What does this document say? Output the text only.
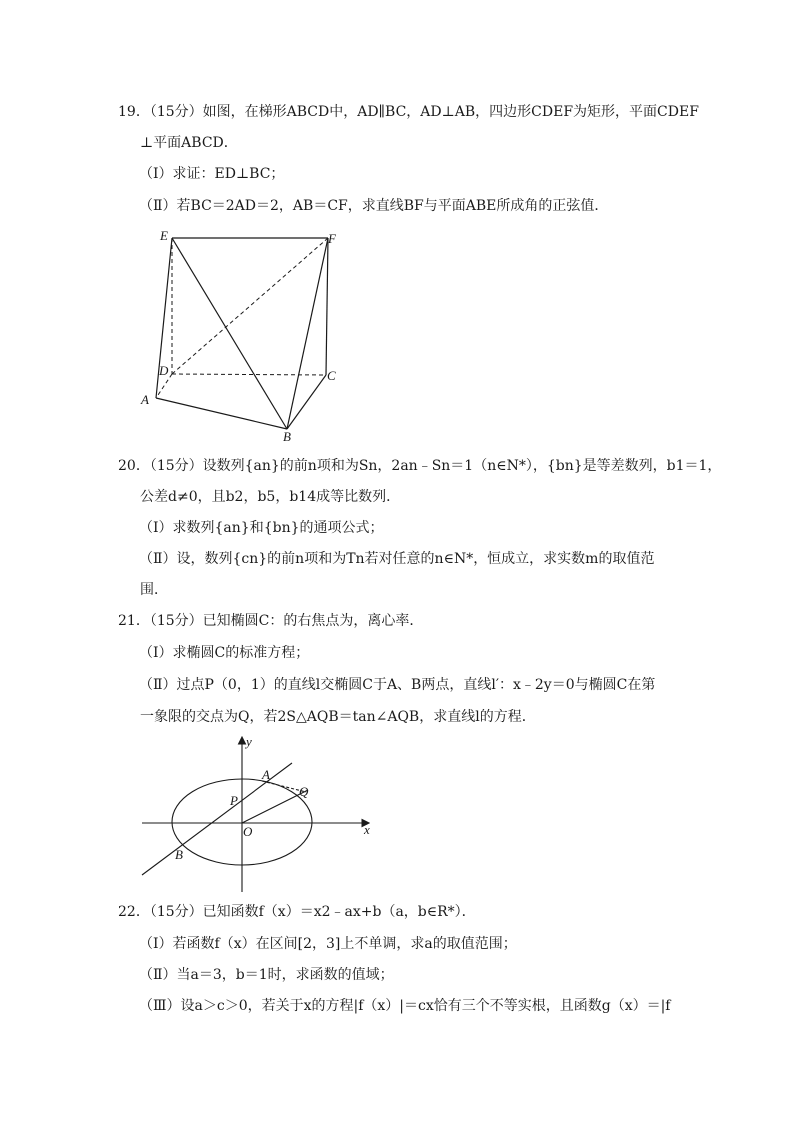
19．（15分）如图，在梯形ABCD中，AD∥BC，AD⊥AB，四边形CDEF为矩形，平面CDEF
⊥平面ABCD．
（Ⅰ）求证：ED⊥BC；
（Ⅱ）若BC＝2AD＝2，AB＝CF，求直线BF与平面ABE所成角的正弦值．
E	F
D	C
A
B
20．（15分）设数列{an}的前n项和为Sn，2an﹣Sn＝1（n∈N*），{bn}是等差数列，b1＝1，
公差d≠0，且b2，b5，b14成等比数列．
（Ⅰ）求数列{an}和{bn}的通项公式；
（Ⅱ）设，数列{cn}的前n项和为Tn若对任意的n∈N*，恒成立，求实数m的取值范
围．
21．（15分）已知椭圆C：的右焦点为，离心率．
（Ⅰ）求椭圆C的标准方程；
（Ⅱ）过点P（0，1）的直线l交椭圆C于A、B两点，直线l′：x﹣2y＝0与椭圆C在第
一象限的交点为Q，若2S△AQB＝tan∠AQB，求直线l的方程．
y
x
A
Q
P
O
B
22．（15分）已知函数f（x）＝x2﹣ax+b（a，b∈R*）．
（Ⅰ）若函数f（x）在区间[2，3]上不单调，求a的取值范围；
（Ⅱ）当a＝3，b＝1时，求函数的值域；
（Ⅲ）设a＞c＞0，若关于x的方程|f（x）|＝cx恰有三个不等实根，且函数g（x）＝|f
